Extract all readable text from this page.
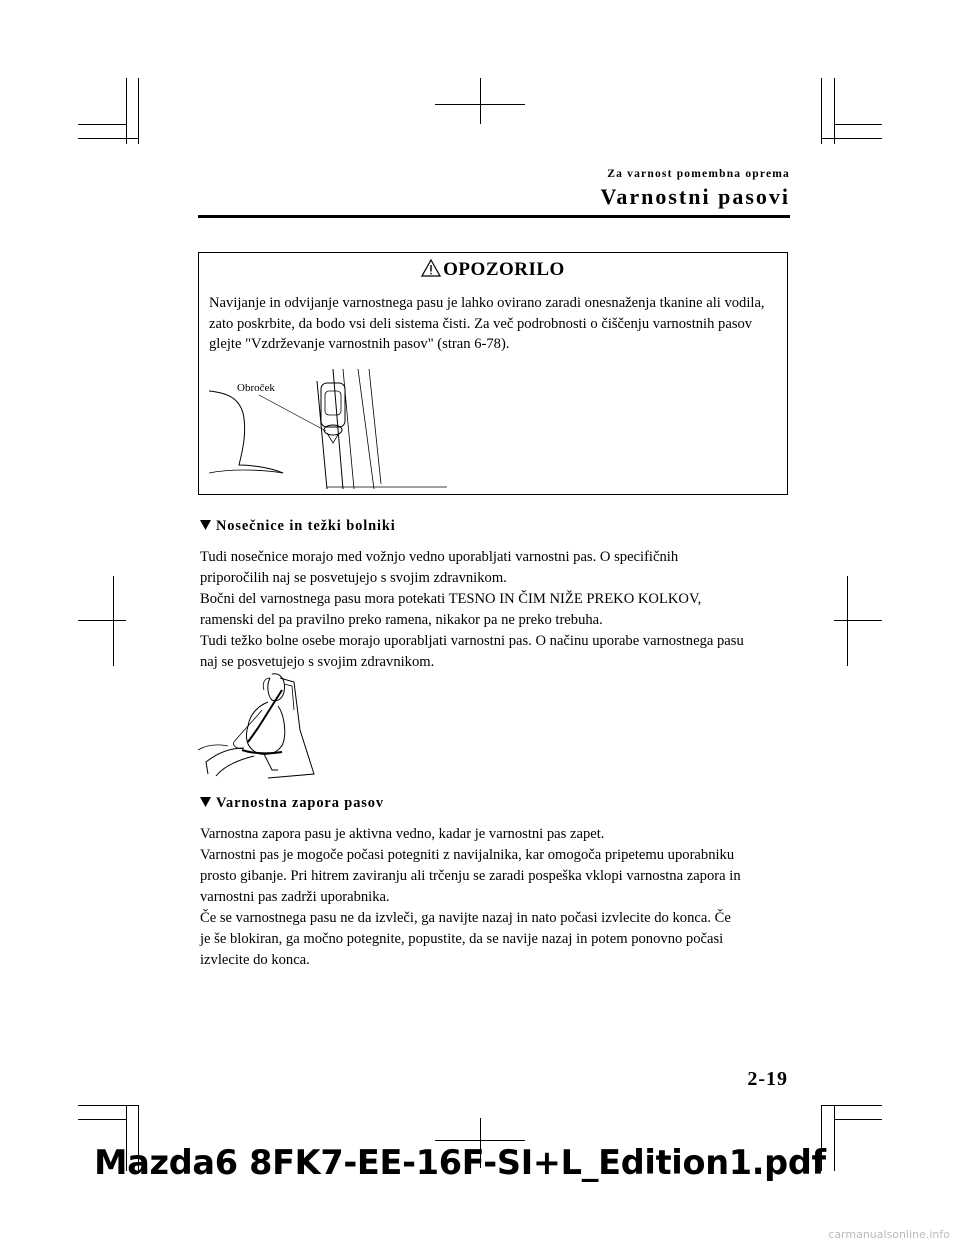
Za varnost pomembna oprema
Varnostni pasovi
OPOZORILO
Navijanje in odvijanje varnostnega pasu je lahko ovirano zaradi onesnaženja tkanine ali vodila, zato poskrbite, da bodo vsi deli sistema čisti. Za več podrobnosti o čiščenju varnostnih pasov glejte "Vzdrževanje varnostnih pasov" (stran 6-78).
Obroček
Nosečnice in težki bolniki

Tudi nosečnice morajo med vožnjo vedno uporabljati varnostni pas. O specifičnih

priporočilih naj se posvetujejo s svojim zdravnikom.

Bočni del varnostnega pasu mora potekati TESNO IN ČIM NIŽE PREKO KOLKOV,

ramenski del pa pravilno preko ramena, nikakor pa ne preko trebuha.

Tudi težko bolne osebe morajo uporabljati varnostni pas. O načinu uporabe varnostnega pasu

naj se posvetujejo s svojim zdravnikom.

Varnostna zapora pasov

Varnostna zapora pasu je aktivna vedno, kadar je varnostni pas zapet.

Varnostni pas je mogoče počasi potegniti z navijalnika, kar omogoča pripetemu uporabniku

prosto gibanje. Pri hitrem zaviranju ali trčenju se zaradi pospeška vklopi varnostna zapora in

varnostni pas zadrži uporabnika.

Če se varnostnega pasu ne da izvleči, ga navijte nazaj in nato počasi izvlecite do konca. Če

je še blokiran, ga močno potegnite, popustite, da se navije nazaj in potem ponovno počasi

izvlecite do konca.

2-19
Mazda6 8FK7-EE-16F-SI+L_Edition1.pdf
carmanualsonline.info
